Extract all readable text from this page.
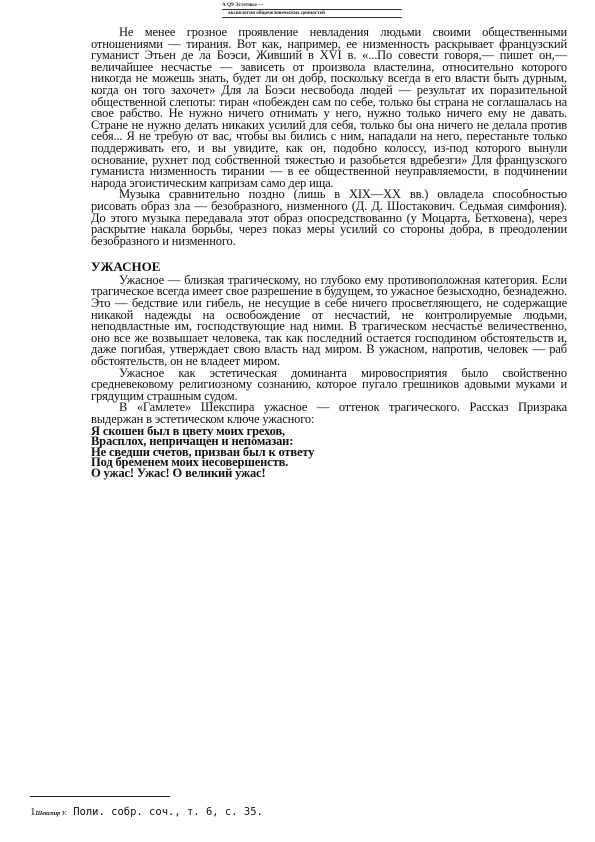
А Q9 Эстетика —
аксиология общечеловеческих ценностей

Не менее грозное проявление невладения людьми своими общественными отношениями — тирания. Вот как, например, ее низменность раскрывает французский гуманист Этьен де ла Боэси, Живший в XVI в. «...По совести говоря,— пишет он,— величайшее несчастье — зависеть от произвола властелина, относительно которого никогда не можешь знать, будет ли он добр, поскольку всегда в его власти быть дурным, когда он того захочет» Для ла Боэси несвобода людей — результат их поразительной общественной слепоты: тиран «побежден сам по себе, только бы страна не соглашалась на свое рабство. Не нужно ничего отнимать у него, нужно только ничего ему не давать. Стране не нужно делать никаких усилий для себя, только бы она ничего не делала против себя... Я не требую от вас, чтобы вы бились с ним, нападали на него, перестаньте только поддерживать его, и вы увидите, как он, подобно колоссу, из-под которого вынули основание, рухнет под собственной тяжестью и разобьется вдребезги» Для французского гуманиста низменность тирании — в ее общественной неуправляемости, в подчинении народа эгоистическим капризам само дер ища.

Музыка сравнительно поздно (лишь в XIX—XX вв.) овладела способностью рисовать образ зла — безобразного, низменного (Д. Д. Шостакович. Седьмая симфония). До этого музыка передавала этот образ опосредствованно (у Моцарта, Бетховена), через раскрытие накала борьбы, через показ меры усилий со стороны добра, в преодолении безобразного и низменного.

УЖАСНОЕ

Ужасное — близкая трагическому, но глубоко ему противоположная категория. Если трагическое всегда имеет свое разрешение в будущем, то ужасное безысходно, безнадежно. Это — бедствие или гибель, не несущие в себе ничего просветляющего, не содержащие никакой надежды на освобождение от несчастий, не контролируемые людьми, неподвластные им, господствующие над ними. В трагическом несчастье величественно, оно все же возвышает человека, так как последний остается господином обстоятельств и, даже погибая, утверждает свою власть над миром. В ужасном, напротив, человек — раб обстоятельств, он не владеет миром.

Ужасное как эстетическая доминанта мировосприятия было свойственно средневековому религиозному сознанию, которое пугало грешников адовыми муками и грядущим страшным судом.

В «Гамлете» Шекспира ужасное — оттенок трагического. Рассказ Призрака выдержан в эстетическом ключе ужасного:

Я скошен был в цвету моих грехов,
Врасплох, непричащен и непомазан:
Не сведши счетов, призван был к ответу
Под бременем моих несовершенств.
О ужас! Ужас! О великий ужас!
1Шекспир У. Поли. собр. соч., т. 6, с. 35.
